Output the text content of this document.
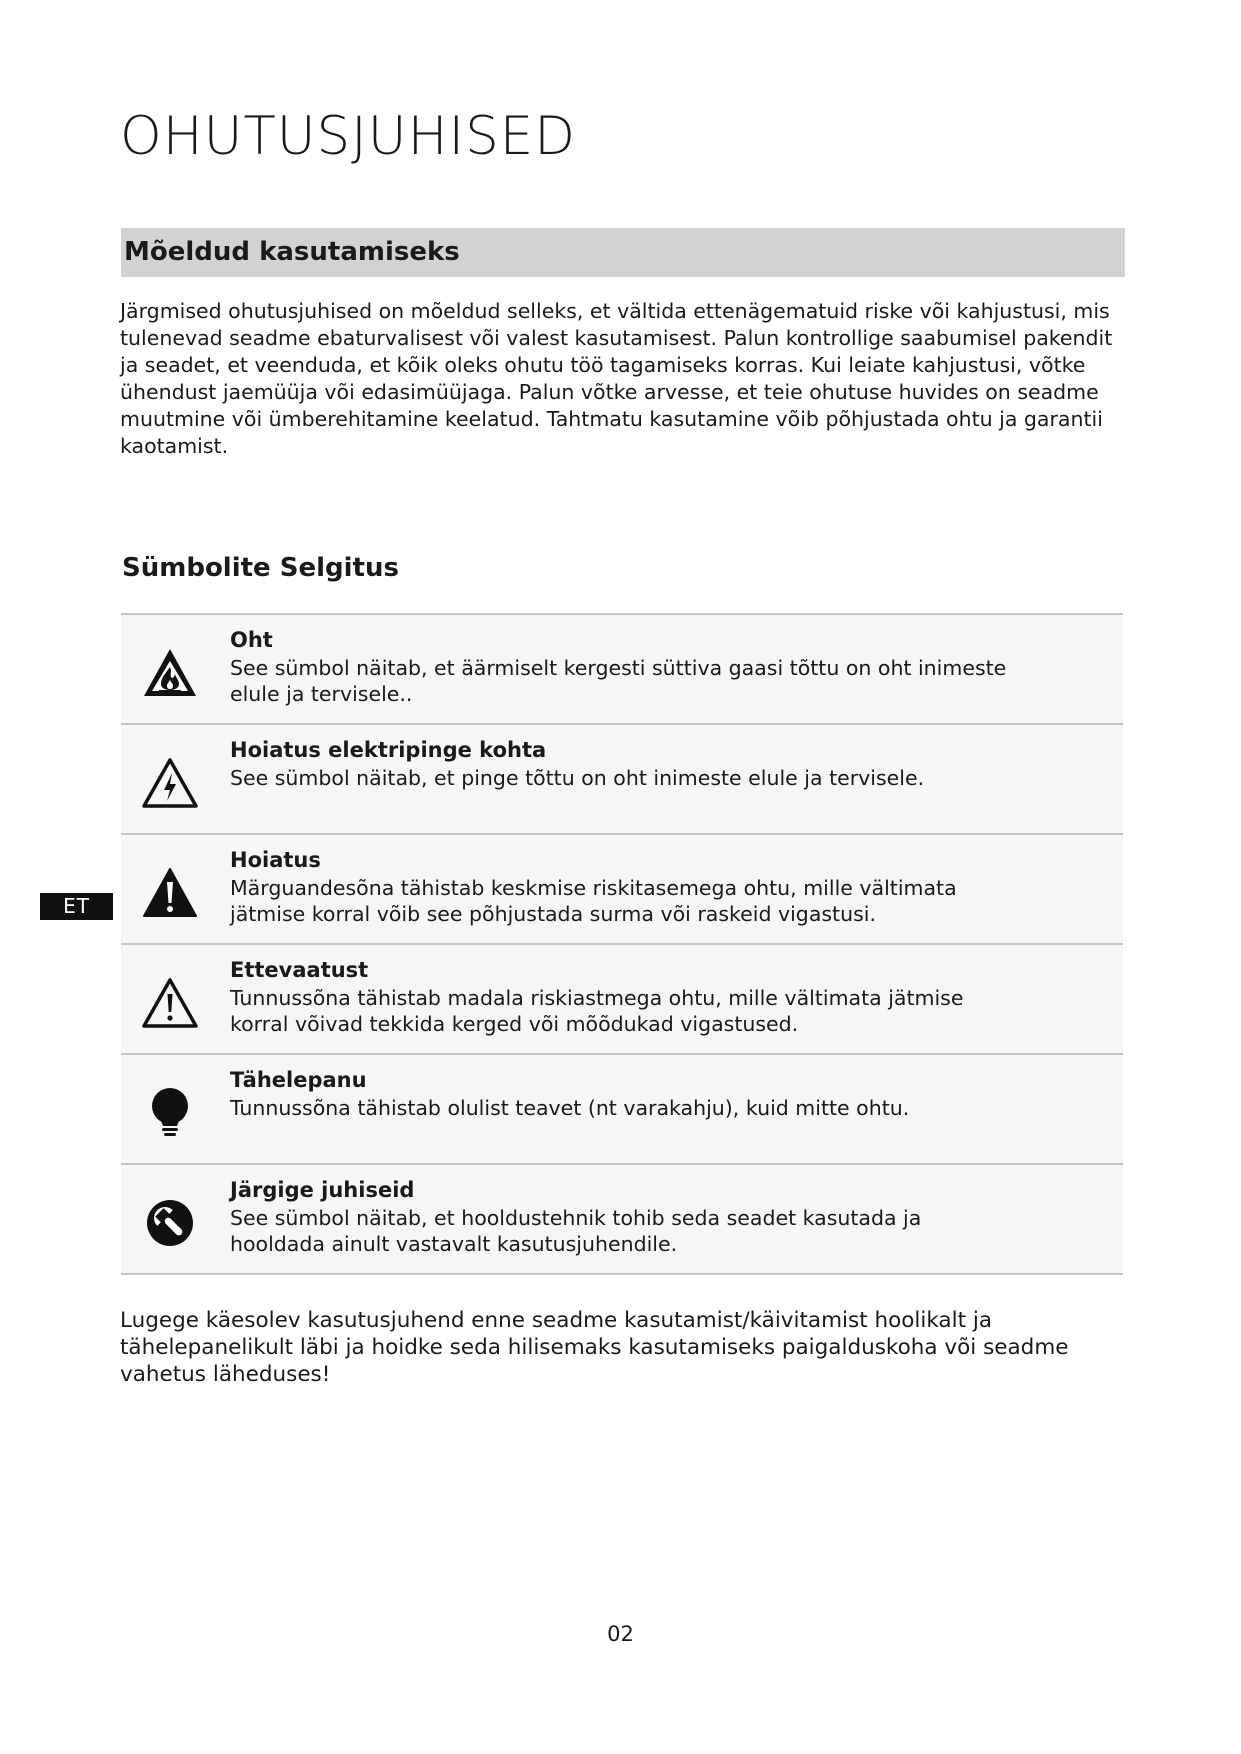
OHUTUSJUHISED
Mõeldud kasutamiseks

Järgmised ohutusjuhised on mõeldud selleks, et vältida ettenägematuid riske või kahjustusi, mis tulenevad seadme ebaturvalisest või valest kasutamisest. Palun kontrollige saabumisel pakendit ja seadet, et veenduda, et kõik oleks ohutu töö tagamiseks korras. Kui leiate kahjustusi, võtke ühendust jaemüüja või edasimüüjaga. Palun võtke arvesse, et teie ohutuse huvides on seadme muutmine või ümberehitamine keelatud. Tahtmatu kasutamine võib põhjustada ohtu ja garantii kaotamist.

Sümbolite Selgitus
Oht
See sümbol näitab, et äärmiselt kergesti süttiva gaasi tõttu on oht inimeste
elule ja tervisele..
Hoiatus elektripinge kohta
See sümbol näitab, et pinge tõttu on oht inimeste elule ja tervisele.
Hoiatus
Märguandesõna tähistab keskmise riskitasemega ohtu, mille vältimata
jätmise korral võib see põhjustada surma või raskeid vigastusi.
Ettevaatust
Tunnussõna tähistab madala riskiastmega ohtu, mille vältimata jätmise
korral võivad tekkida kerged või mõõdukad vigastused.
Tähelepanu
Tunnussõna tähistab olulist teavet (nt varakahju), kuid mitte ohtu.
Järgige juhiseid
See sümbol näitab, et hooldustehnik tohib seda seadet kasutada ja
hooldada ainult vastavalt kasutusjuhendile.

Lugege käesolev kasutusjuhend enne seadme kasutamist/käivitamist hoolikalt ja tähelepanelikult läbi ja hoidke seda hilisemaks kasutamiseks paigalduskoha või seadme vahetus läheduses!

ET
02
